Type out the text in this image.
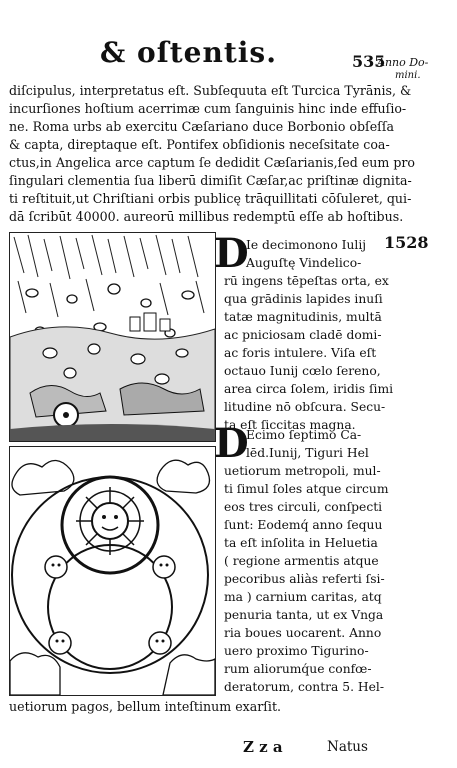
& oſtentis.	535
Anno Do-
mini.
diſcipulus, interpretatus eſt. Subſequuta eſt Turcica Tyrānis, &
incurſiones hoſtium acerrimæ cum ſanguinis hinc inde effuſio-
ne. Roma urbs ab exercitu Cæſariano duce Borbonio obſeſſa
& capta, direptaque eſt. Pontifex obſidionis neceſsitate coa-
ctus,in Angelica arce captum ſe dedidit Cæſarianis,ſed eum pro
ſingulari clementia ſua liberū dimiſit Cæſar,ac priſtinæ dignita-
ti reſtituit,ut Chriſtiani orbis publicę trāquillitati cōſuleret, qui-
dā ſcribūt 40000. aureorū millibus redemptū eſſe ab hoſtibus.
1528
D
Ie decimonono Iulij
Auguſtę Vindelico-
rū ingens tēpeſtas orta, ex
qua grādinis lapides inuſi
tatæ magnitudinis, multā
ac pniciosam cladē domi-
ac foris intulere. Viſa eſt
octauo Iunij cœlo ſereno,
area circa ſolem, iridis ſimi
litudine nō obſcura. Secu-
ta eſt ſiccitas magna.
D
Ecimo ſeptimo Ca-
lēd.Iunij, Tiguri Hel
uetiorum metropoli, mul-
ti ſimul ſoles atque circum
eos tres circuli, conſpecti
ſunt: Eodemq́ anno ſequu
ta eſt inſolita in Heluetia
( regione armentis atque
pecoribus aliàs referti ſsi-
ma ) carnium caritas, atq
penuria tanta, ut ex Vnga
ria boues uocarent. Anno
uero proximo Tigurino-
rum aliorumq́ue confœ-
deratorum, contra 5. Hel-
uetiorum pagos, bellum inteſtinum exarſit.
Z z a	Natus
